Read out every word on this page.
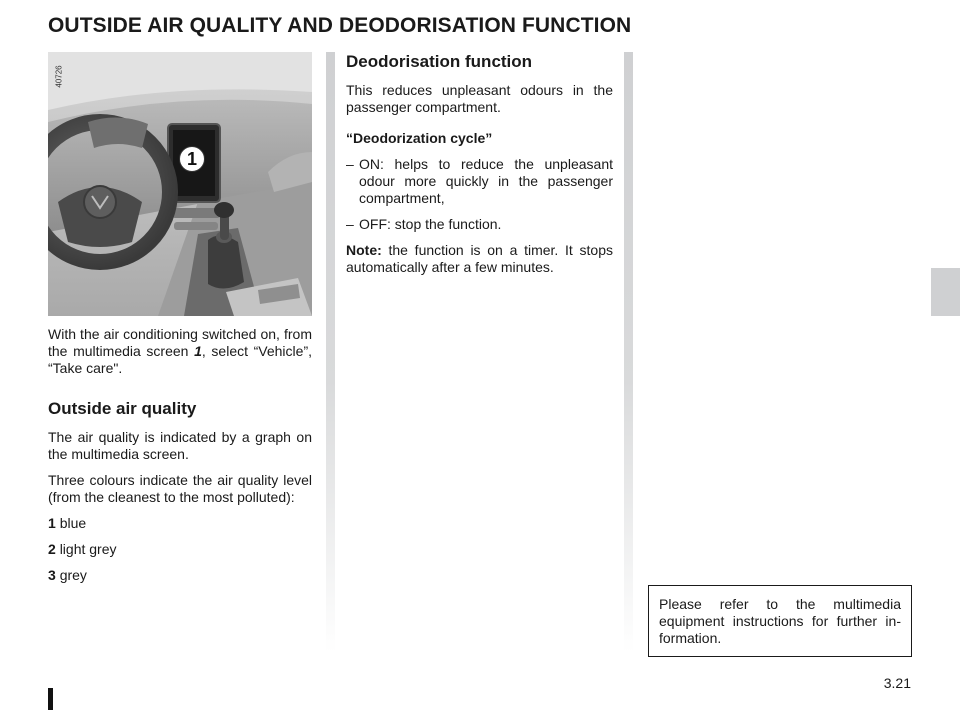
OUTSIDE AIR QUALITY AND DEODORISATION FUNCTION
40726
1

With the air conditioning switched on, from the multimedia screen 1, select “Vehicle”, “Take care".

Outside air quality

The air quality is indicated by a graph on the multimedia screen.

Three colours indicate the air quality level (from the cleanest to the most polluted):

1 blue

2 light grey

3 grey

Deodorisation function

This reduces unpleasant odours in the passenger compartment.

“Deodorization cycle”

– ON: helps to reduce the unpleasant odour more quickly in the passenger compartment,
– OFF: stop the function.

Note: the function is on a timer. It stops automatically after a few minutes.

Please refer to the multimedia equipment instructions for further in-formation.

3.21
